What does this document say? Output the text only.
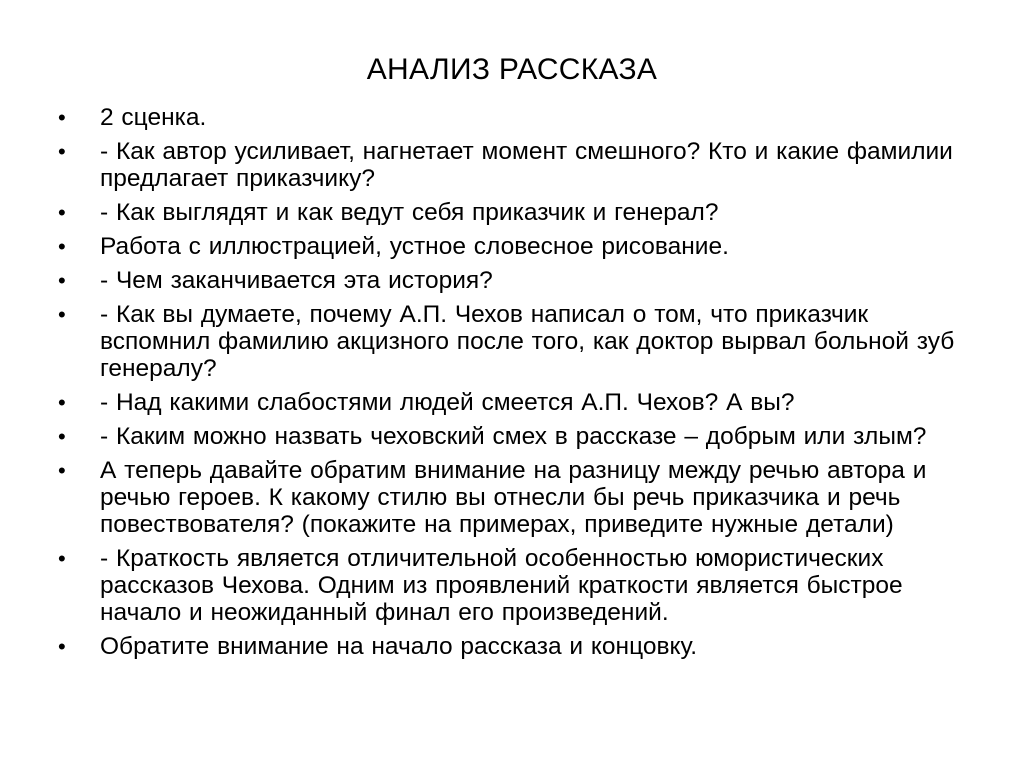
АНАЛИЗ РАССКАЗА
•	2 сценка.
•	- Как автор усиливает, нагнетает момент смешного? Кто и какие фамилии предлагает приказчику?
•	- Как выглядят и как ведут себя приказчик и генерал?
•	Работа с иллюстрацией, устное словесное рисование.
•	- Чем заканчивается эта история?
•	- Как вы думаете, почему А.П. Чехов написал о том, что приказчик вспомнил фамилию акцизного после того, как доктор вырвал больной зуб генералу?
•	- Над какими слабостями людей смеется А.П. Чехов? А вы?
•	- Каким можно назвать чеховский смех в рассказе – добрым или злым?
•	А теперь давайте обратим внимание на разницу между речью автора и речью героев. К какому стилю вы отнесли бы речь приказчика и речь повествователя? (покажите на примерах, приведите нужные детали)
•	- Краткость является отличительной особенностью юмористических рассказов Чехова. Одним из проявлений краткости является быстрое начало и неожиданный финал его произведений.
•	Обратите внимание на начало рассказа и концовку.
